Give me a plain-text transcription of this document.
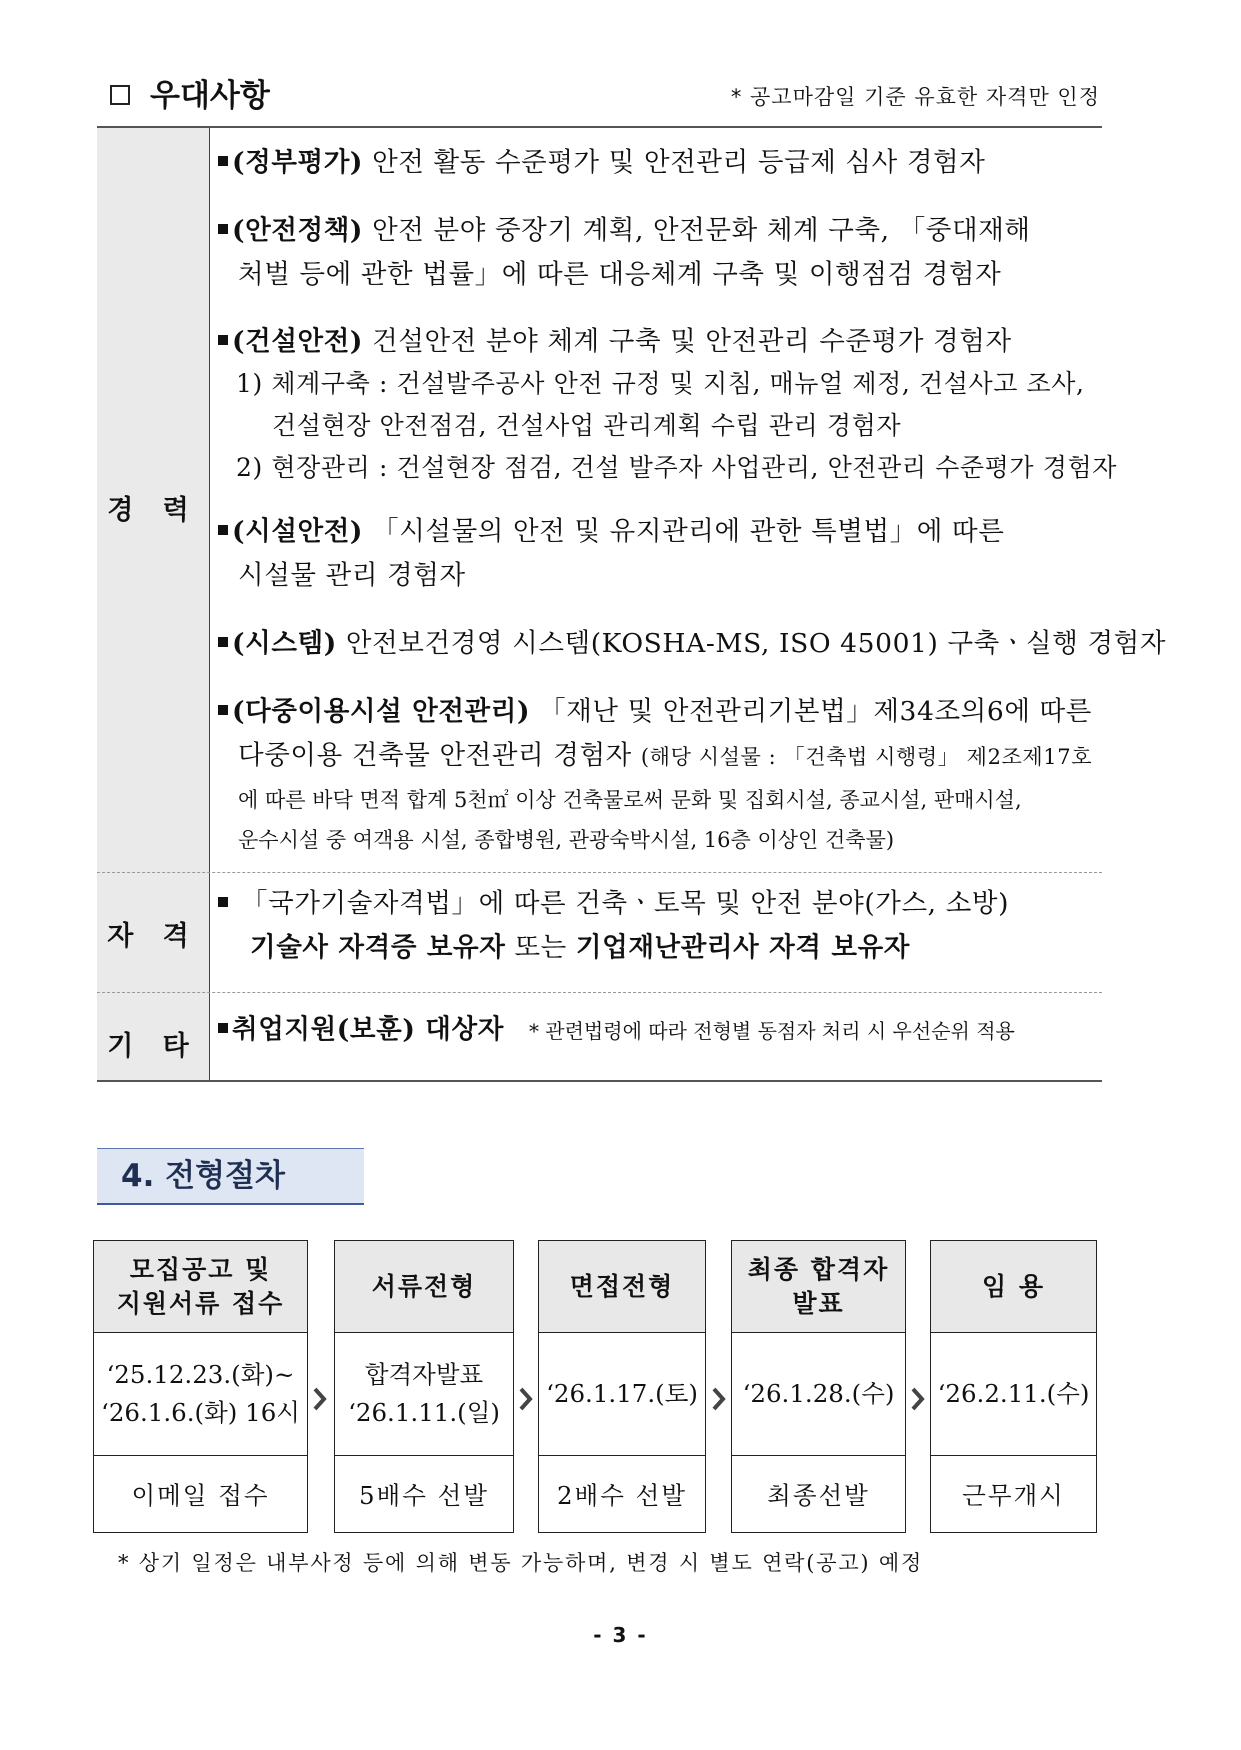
우대사항	* 공고마감일 기준 유효한 자격만 인정
경 력
자 격
기 타
(정부평가) 안전 활동 수준평가 및 안전관리 등급제 심사 경험자
(안전정책) 안전 분야 중장기 계획, 안전문화 체계 구축, 「중대재해
처벌 등에 관한 법률」에 따른 대응체계 구축 및 이행점검 경험자
(건설안전) 건설안전 분야 체계 구축 및 안전관리 수준평가 경험자
1) 체계구축 : 건설발주공사 안전 규정 및 지침, 매뉴얼 제정, 건설사고 조사,
건설현장 안전점검, 건설사업 관리계획 수립 관리 경험자
2) 현장관리 : 건설현장 점검, 건설 발주자 사업관리, 안전관리 수준평가 경험자
(시설안전) 「시설물의 안전 및 유지관리에 관한 특별법」에 따른
시설물 관리 경험자
(시스템) 안전보건경영 시스템(KOSHA-MS, ISO 45001) 구축ㆍ실행 경험자
(다중이용시설 안전관리) 「재난 및 안전관리기본법」제34조의6에 따른
다중이용 건축물 안전관리 경험자 (해당 시설물 : 「건축법 시행령」 제2조제17호
에 따른 바닥 면적 합계 5천㎡ 이상 건축물로써 문화 및 집회시설, 종교시설, 판매시설,
운수시설 중 여객용 시설, 종합병원, 관광숙박시설, 16층 이상인 건축물)
「국가기술자격법」에 따른 건축ㆍ토목 및 안전 분야(가스, 소방)
기술사 자격증 보유자 또는 기업재난관리사 자격 보유자
취업지원(보훈) 대상자 * 관련법령에 따라 전형별 동점자 처리 시 우선순위 적용
4. 전형절차
모집공고 및
지원서류 접수
‘25.12.23.(화)~
‘26.1.6.(화) 16시
이메일 접수
서류전형
합격자발표
‘26.1.11.(일)
5배수 선발
면접전형
‘26.1.17.(토)
2배수 선발
최종 합격자
발표
‘26.1.28.(수)
최종선발
임 용
‘26.2.11.(수)
근무개시
* 상기 일정은 내부사정 등에 의해 변동 가능하며, 변경 시 별도 연락(공고) 예정
- 3 -
